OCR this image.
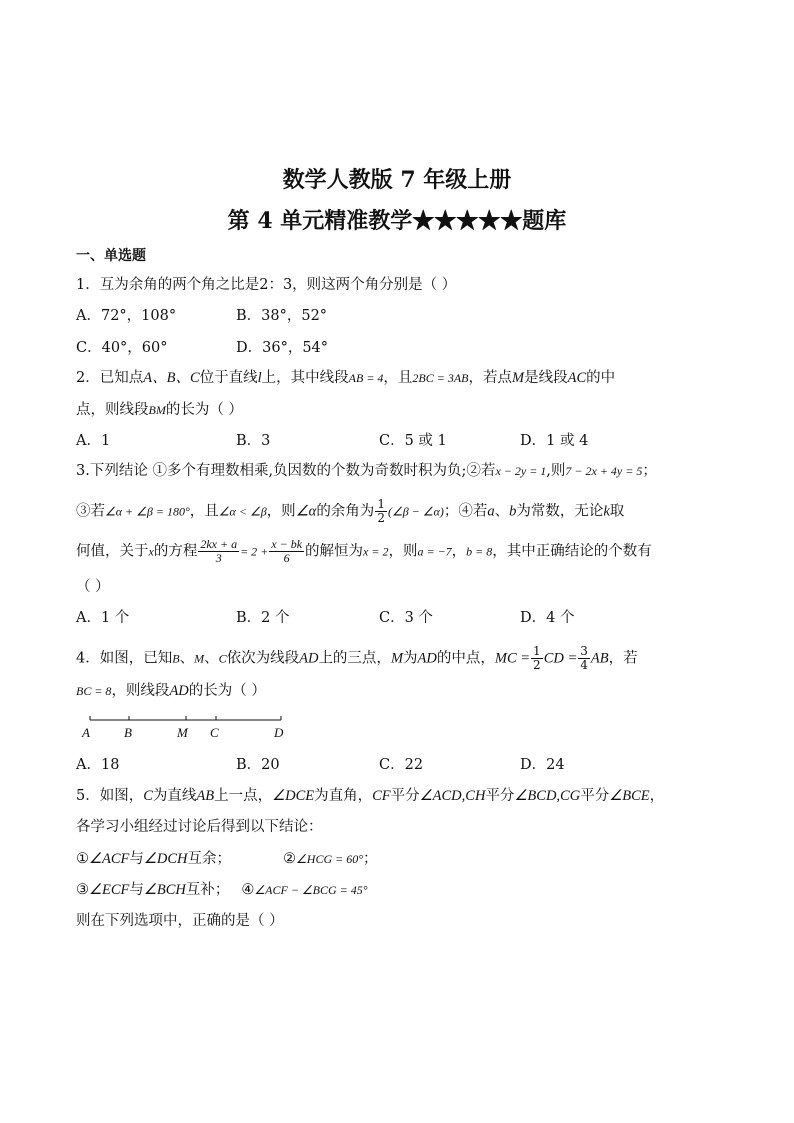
数学人教版 7 年级上册
第 4 单元精准教学★★★★★题库
一、单选题
1．互为余角的两个角之比是2：3，则这两个角分别是（ ）
A．72°，108°	B．38°，52°
C．40°，60°	D．36°，54°
2．已知点A、B、C位于直线l上，其中线段AB = 4，且2BC = 3AB，若点M是线段AC的中
点，则线段BM的长为（ ）
A．1	B．3	C．5 或 1	D．1 或 4
3.下列结论 ①多个有理数相乘,负因数的个数为奇数时积为负;②若x − 2y = 1,则7 − 2x + 4y = 5；
③若∠α + ∠β = 180°，且∠α < ∠β，则∠α的余角为 $\frac{1}{2}$ (∠β − ∠α)；④若a、b为常数，无论k取
何值，关于x的方程 $\frac{2kx + a}{3} = 2 + \frac{x - bk}{6}$ 的解恒为x = 2，则a = −7，b = 8，其中正确结论的个数有
（ ）
A．1 个	B．2 个	C．3 个	D．4 个
4．如图，已知B、M、C依次为线段AD上的三点，M为AD的中点，MC = $\frac{1}{2}$ CD = $\frac{3}{4}$ AB，若
BC = 8，则线段AD的长为（ ）
A	B	M C	D
A．18	B．20	C．22	D．24
5．如图，C为直线AB上一点，∠DCE为直角，CF平分∠ACD,CH平分∠BCD,CG平分∠BCE，
各学习小组经过讨论后得到以下结论：
①∠ACF与∠DCH互余；	②∠HCG = 60°；
③∠ECF与∠BCH互补； ④∠ACF − ∠BCG = 45°
则在下列选项中，正确的是（ ）
